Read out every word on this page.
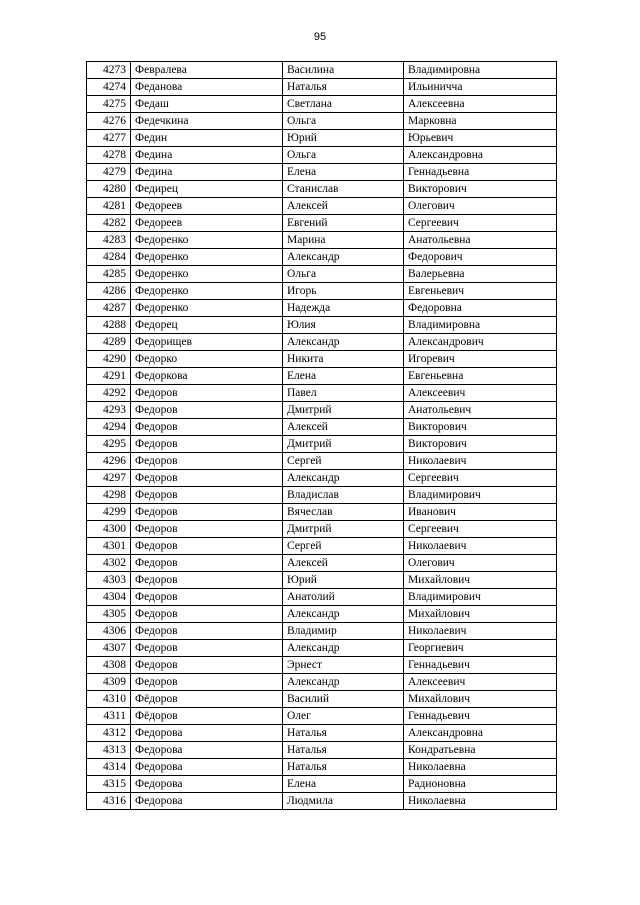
95
4273	Февралева	Василина	Владимировна
4274	Феданова	Наталья	Ильиничча
4275	Федаш	Светлана	Алексеевна
4276	Федечкина	Ольга	Марковна
4277	Федин	Юрий	Юрьевич
4278	Федина	Ольга	Александровна
4279	Федина	Елена	Геннадьевна
4280	Федирец	Станислав	Викторович
4281	Федореев	Алексей	Олегович
4282	Федореев	Евгений	Сергеевич
4283	Федоренко	Марина	Анатольевна
4284	Федоренко	Александр	Федорович
4285	Федоренко	Ольга	Валерьевна
4286	Федоренко	Игорь	Евгеньевич
4287	Федоренко	Надежда	Федоровна
4288	Федорец	Юлия	Владимировна
4289	Федорищев	Александр	Александрович
4290	Федорко	Никита	Игоревич
4291	Федоркова	Елена	Евгеньевна
4292	Федоров	Павел	Алексеевич
4293	Федоров	Дмитрий	Анатольевич
4294	Федоров	Алексей	Викторович
4295	Федоров	Дмитрий	Викторович
4296	Федоров	Сергей	Николаевич
4297	Федоров	Александр	Сергеевич
4298	Федоров	Владислав	Владимирович
4299	Федоров	Вячеслав	Иванович
4300	Федоров	Дмитрий	Сергеевич
4301	Федоров	Сергей	Николаевич
4302	Федоров	Алексей	Олегович
4303	Федоров	Юрий	Михайлович
4304	Федоров	Анатолий	Владимирович
4305	Федоров	Александр	Михайлович
4306	Федоров	Владимир	Николаевич
4307	Федоров	Александр	Георгиевич
4308	Федоров	Эрнест	Геннадьевич
4309	Федоров	Александр	Алексеевич
4310	Фёдоров	Василий	Михайлович
4311	Фёдоров	Олег	Геннадьевич
4312	Федорова	Наталья	Александровна
4313	Федорова	Наталья	Кондратьевна
4314	Федорова	Наталья	Николаевна
4315	Федорова	Елена	Радионовна
4316	Федорова	Людмила	Николаевна
